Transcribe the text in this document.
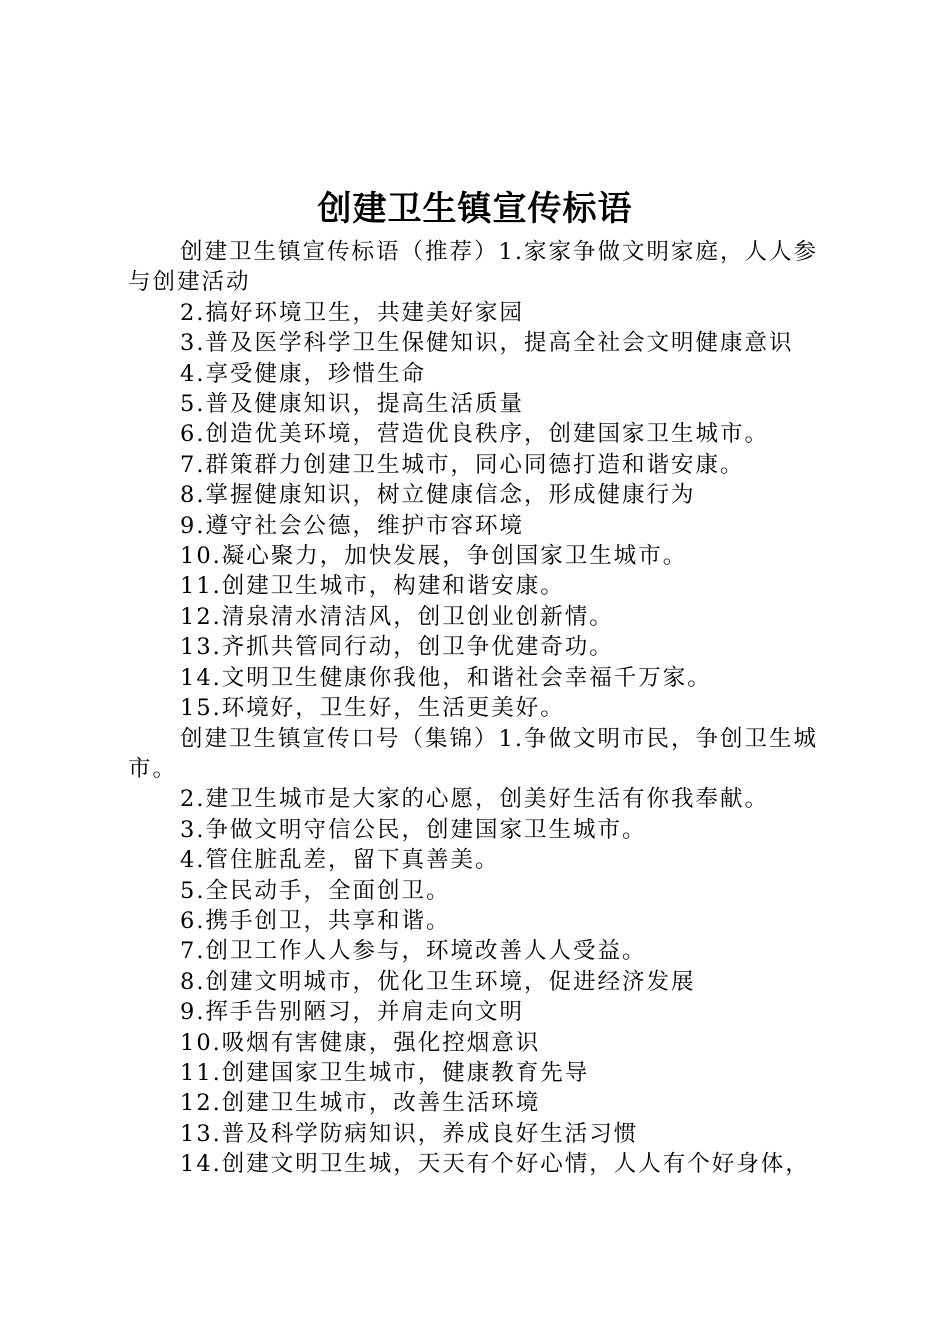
创建卫生镇宣传标语

创建卫生镇宣传标语（推荐）1.家家争做文明家庭，人人参与创建活动

2.搞好环境卫生，共建美好家园

3.普及医学科学卫生保健知识，提高全社会文明健康意识

4.享受健康，珍惜生命

5.普及健康知识，提高生活质量

6.创造优美环境，营造优良秩序，创建国家卫生城市。

7.群策群力创建卫生城市，同心同德打造和谐安康。

8.掌握健康知识，树立健康信念，形成健康行为

9.遵守社会公德，维护市容环境

10.凝心聚力，加快发展，争创国家卫生城市。

11.创建卫生城市，构建和谐安康。

12.清泉清水清洁风，创卫创业创新情。

13.齐抓共管同行动，创卫争优建奇功。

14.文明卫生健康你我他，和谐社会幸福千万家。

15.环境好，卫生好，生活更美好。

创建卫生镇宣传口号（集锦）1.争做文明市民，争创卫生城市。

2.建卫生城市是大家的心愿，创美好生活有你我奉献。

3.争做文明守信公民，创建国家卫生城市。

4.管住脏乱差，留下真善美。

5.全民动手，全面创卫。

6.携手创卫，共享和谐。

7.创卫工作人人参与，环境改善人人受益。

8.创建文明城市，优化卫生环境，促进经济发展

9.挥手告别陋习，并肩走向文明

10.吸烟有害健康，强化控烟意识

11.创建国家卫生城市，健康教育先导

12.创建卫生城市，改善生活环境

13.普及科学防病知识，养成良好生活习惯

14.创建文明卫生城，天天有个好心情，人人有个好身体，
